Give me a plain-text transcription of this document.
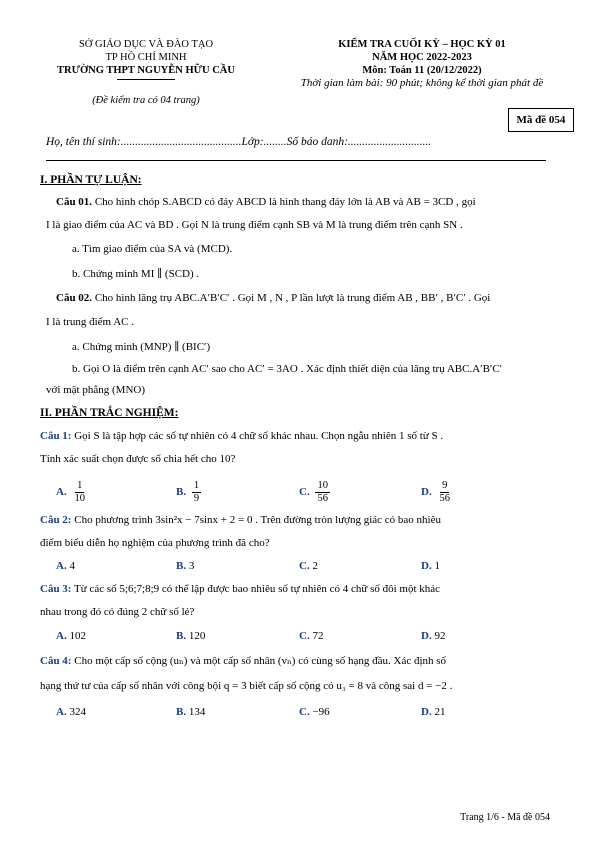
SỞ GIÁO DỤC VÀ ĐÀO TẠO
TP HỒ CHÍ MINH
TRƯỜNG THPT NGUYỄN HỮU CẦU
(Đề kiểm tra có 04 trang)
KIỂM TRA CUỐI KỲ – HỌC KỲ 01
NĂM HỌC 2022-2023
Môn: Toán 11 (20/12/2022)
Thời gian làm bài: 90 phút; không kể thời gian phát đề
Mã đề 054
Họ, tên thí sinh:..........................................Lớp:........Số báo danh:.............................
I. PHẦN TỰ LUẬN:
Câu 01. Cho hình chóp S.ABCD có đáy ABCD là hình thang đáy lớn là AB và AB = 3CD , gọi
I là giao điểm của AC và BD . Gọi N là trung điểm cạnh SB và M là trung điểm trên cạnh SN .
a. Tìm giao điểm của SA và (MCD).
b. Chứng minh MI ∥ (SCD) .
Câu 02. Cho hình lăng trụ ABC.A′B′C′ . Gọi M , N , P lần lượt là trung điểm AB , BB′ , B′C′ . Gọi
I là trung điểm AC .
a. Chứng minh (MNP) ∥ (BIC′)
b. Gọi O là điểm trên cạnh AC′ sao cho AC′ = 3AO . Xác định thiết diện của lăng trụ ABC.A′B′C′
với mặt phẳng (MNO)
II. PHẦN TRẮC NGHIỆM:
Câu 1: Gọi S là tập hợp các số tự nhiên có 4 chữ số khác nhau. Chọn ngẫu nhiên 1 số từ S .
Tính xác suất chọn được số chia hết cho 10?
A. $\frac{1}{10}$	B. $\frac{1}{9}$	C. $\frac{10}{56}$	D. $\frac{9}{56}$
Câu 2: Cho phương trình 3sin²x − 7sinx + 2 = 0 . Trên đường tròn lượng giác có bao nhiêu
điểm biểu diễn họ nghiệm của phương trình đã cho?
A. 4	B. 3	C. 2	D. 1
Câu 3: Từ các số 5;6;7;8;9 có thể lập được bao nhiêu số tự nhiên có 4 chữ số đôi một khác
nhau trong đó có đúng 2 chữ số lẻ?
A. 102	B. 120	C. 72	D. 92
Câu 4: Cho một cấp số cộng (uₙ) và một cấp số nhân (vₙ) có cùng số hạng đầu. Xác định số
hạng thứ tư của cấp số nhân với công bội q = 3 biết cấp số cộng có u₃ = 8 và công sai d = −2 .
A. 324	B. 134	C. −96	D. 21
Trang 1/6 - Mã đề 054
